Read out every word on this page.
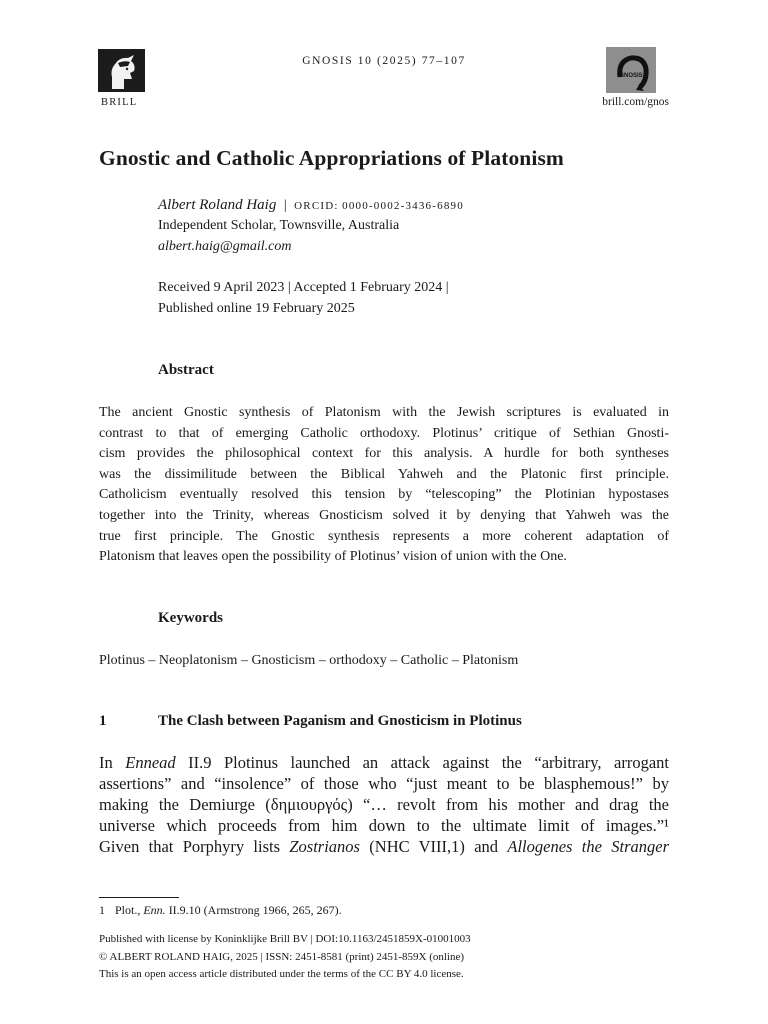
BRILL
GNOSIS 10 (2025) 77–107
GNOSIS
brill.com/gnos
Gnostic and Catholic Appropriations of Platonism
Albert Roland Haig | ORCID: 0000-0002-3436-6890
Independent Scholar, Townsville, Australia
albert.haig@gmail.com
Received 9 April 2023 | Accepted 1 February 2024 |
Published online 19 February 2025
Abstract
The ancient Gnostic synthesis of Platonism with the Jewish scriptures is evaluated in
contrast to that of emerging Catholic orthodoxy. Plotinus’ critique of Sethian Gnosti-
cism provides the philosophical context for this analysis. A hurdle for both syntheses
was the dissimilitude between the Biblical Yahweh and the Platonic first principle.
Catholicism eventually resolved this tension by “telescoping” the Plotinian hypostases
together into the Trinity, whereas Gnosticism solved it by denying that Yahweh was the
true first principle. The Gnostic synthesis represents a more coherent adaptation of
Platonism that leaves open the possibility of Plotinus’ vision of union with the One.
Keywords
Plotinus – Neoplatonism – Gnosticism – orthodoxy – Catholic – Platonism
1	The Clash between Paganism and Gnosticism in Plotinus
In Ennead II.9 Plotinus launched an attack against the “arbitrary, arrogant
assertions” and “insolence” of those who “just meant to be blasphemous!” by
making the Demiurge (δημιουργός) “… revolt from his mother and drag the
universe which proceeds from him down to the ultimate limit of images.”¹
Given that Porphyry lists Zostrianos (NHC VIII,1) and Allogenes the Stranger
1 Plot., Enn. II.9.10 (Armstrong 1966, 265, 267).
Published with license by Koninklijke Brill BV | DOI:10.1163/2451859X-01001003
© ALBERT ROLAND HAIG, 2025 | ISSN: 2451-8581 (print) 2451-859X (online)
This is an open access article distributed under the terms of the CC BY 4.0 license.
